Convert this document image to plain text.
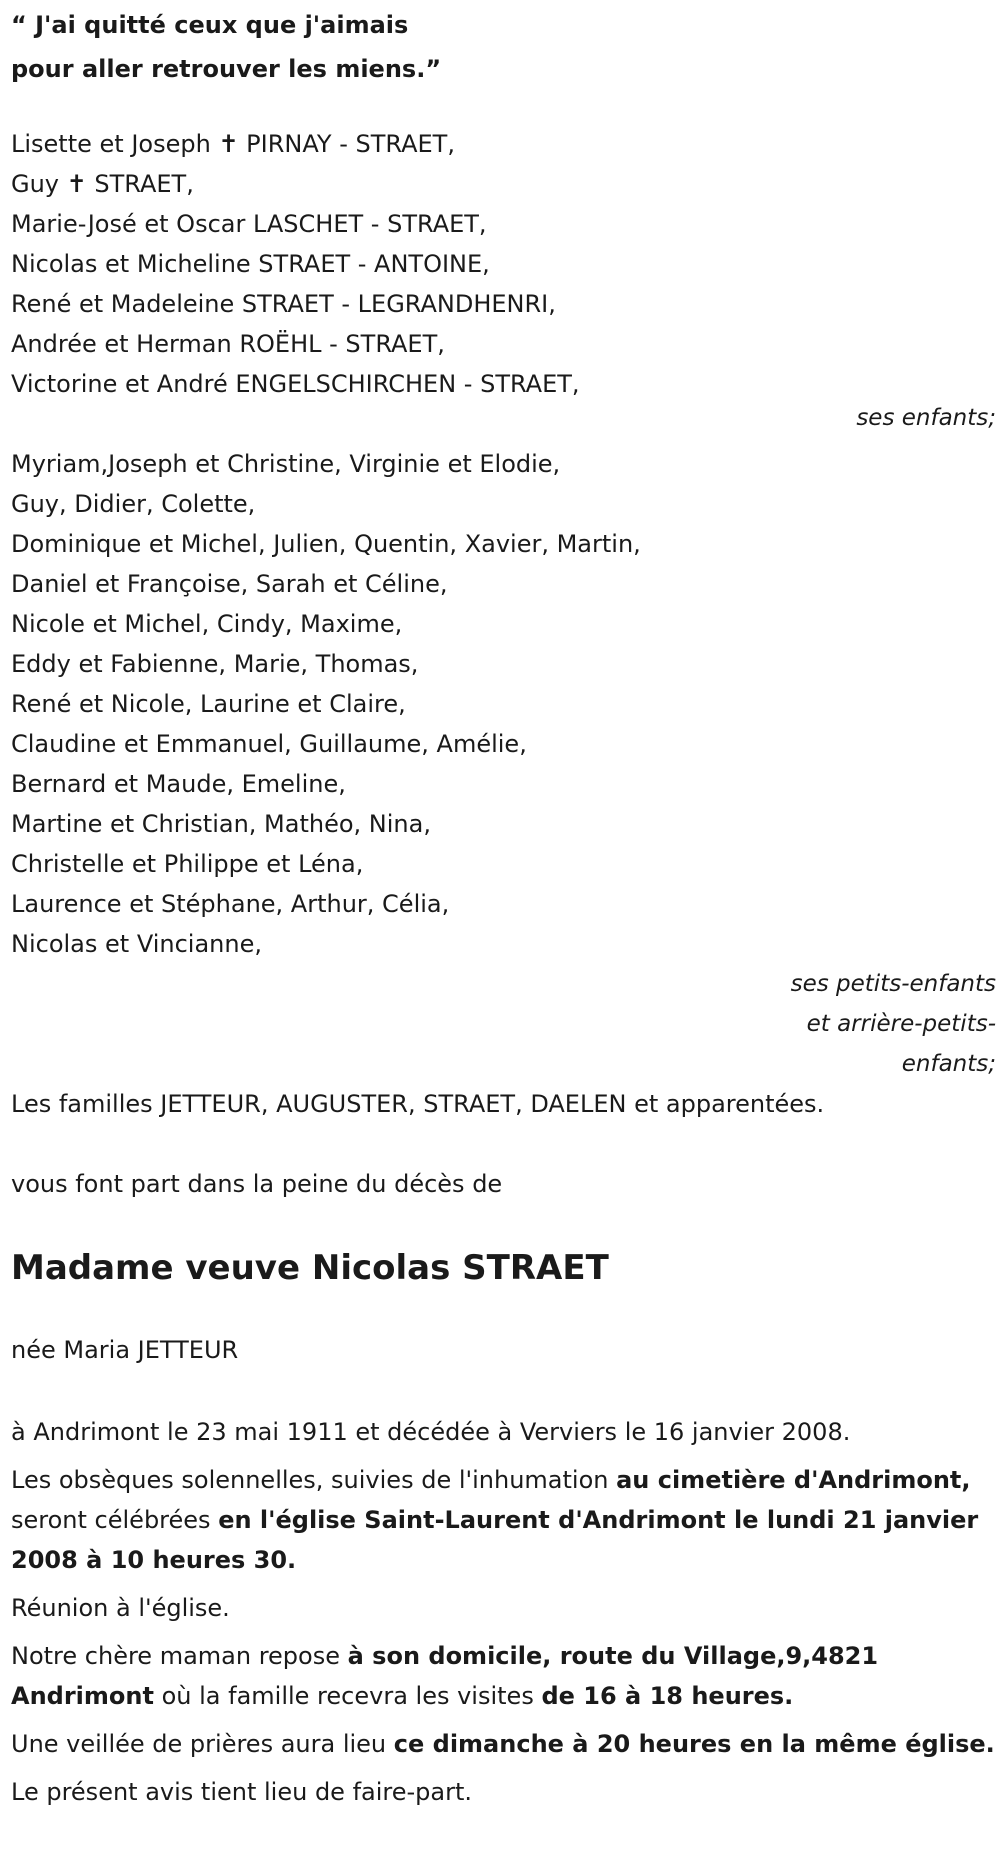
“ J'ai quitté ceux que j'aimais

pour aller retrouver les miens.”

Lisette et Joseph ✝ PIRNAY - STRAET,
Guy ✝ STRAET,
Marie-José et Oscar LASCHET - STRAET,
Nicolas et Micheline STRAET - ANTOINE,
René et Madeleine STRAET - LEGRANDHENRI,
Andrée et Herman ROËHL - STRAET,
Victorine et André ENGELSCHIRCHEN - STRAET,
ses enfants;
Myriam,Joseph et Christine, Virginie et Elodie,
Guy, Didier, Colette,
Dominique et Michel, Julien, Quentin, Xavier, Martin,
Daniel et Françoise, Sarah et Céline,
Nicole et Michel, Cindy, Maxime,
Eddy et Fabienne, Marie, Thomas,
René et Nicole, Laurine et Claire,
Claudine et Emmanuel, Guillaume, Amélie,
Bernard et Maude, Emeline,
Martine et Christian, Mathéo, Nina,
Christelle et Philippe et Léna,
Laurence et Stéphane, Arthur, Célia,
Nicolas et Vincianne,
ses petits-enfants
et arrière-petits-
enfants;

Les familles JETTEUR, AUGUSTER, STRAET, DAELEN et apparentées.

vous font part dans la peine du décès de

Madame veuve Nicolas STRAET

née Maria JETTEUR

à Andrimont le 23 mai 1911 et décédée à Verviers le 16 janvier 2008.

Les obsèques solennelles, suivies de l'inhumation au cimetière d'Andrimont, seront célébrées en l'église Saint-Laurent d'Andrimont le lundi 21 janvier 2008 à 10 heures 30.

Réunion à l'église.

Notre chère maman repose à son domicile, route du Village,9,4821 Andrimont où la famille recevra les visites de 16 à 18 heures.

Une veillée de prières aura lieu ce dimanche à 20 heures en la même église.

Le présent avis tient lieu de faire-part.
